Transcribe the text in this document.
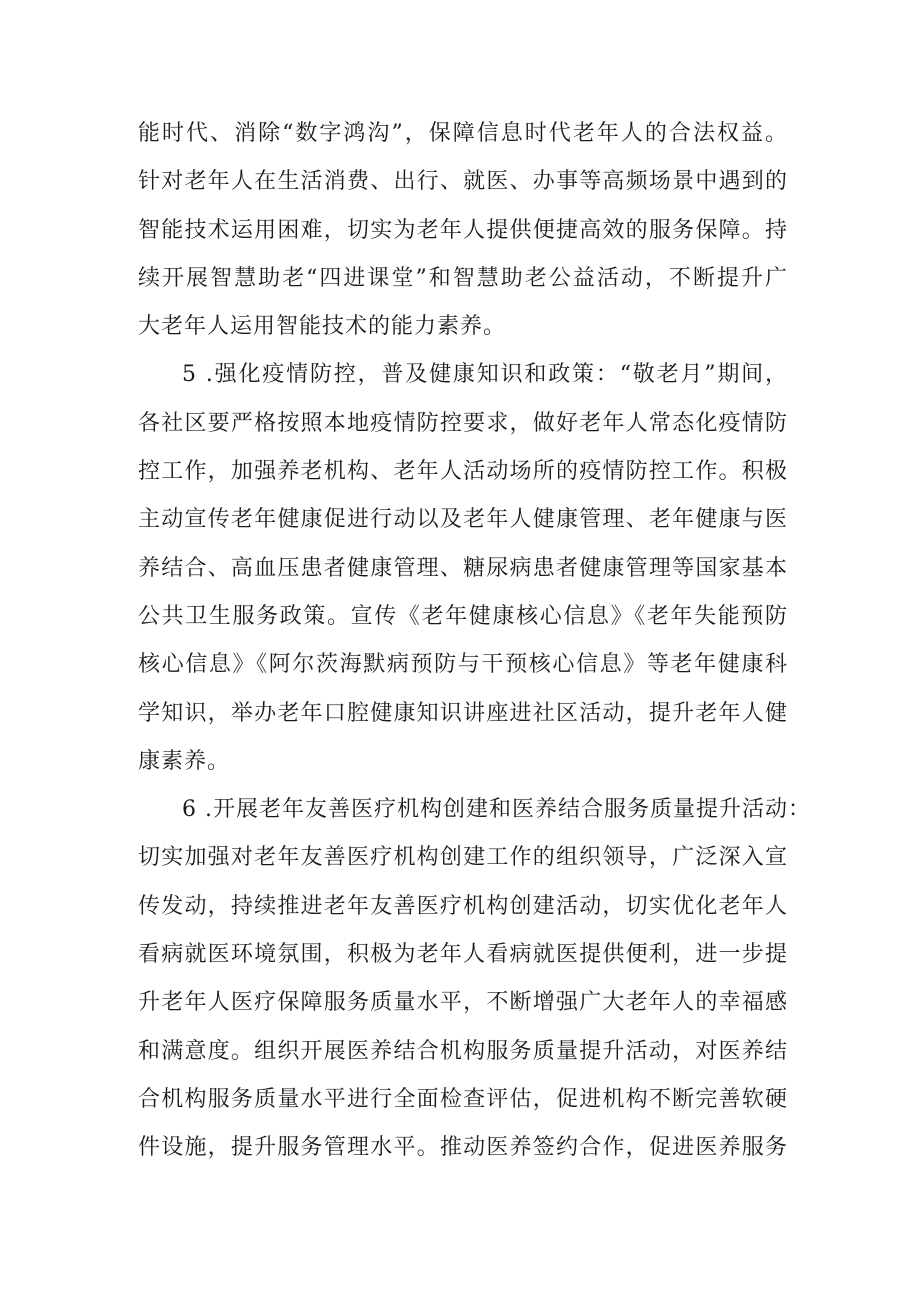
能时代、消除“数字鸿沟”，保障信息时代老年人的合法权益。
针对老年人在生活消费、出行、就医、办事等高频场景中遇到的
智能技术运用困难，切实为老年人提供便捷高效的服务保障。持
续开展智慧助老“四进课堂”和智慧助老公益活动，不断提升广
大老年人运用智能技术的能力素养。
5 .强化疫情防控，普及健康知识和政策：“敬老月”期间，
各社区要严格按照本地疫情防控要求，做好老年人常态化疫情防
控工作，加强养老机构、老年人活动场所的疫情防控工作。积极
主动宣传老年健康促进行动以及老年人健康管理、老年健康与医
养结合、高血压患者健康管理、糖尿病患者健康管理等国家基本
公共卫生服务政策。宣传《老年健康核心信息》《老年失能预防
核心信息》《阿尔茨海默病预防与干预核心信息》等老年健康科
学知识，举办老年口腔健康知识讲座进社区活动，提升老年人健
康素养。
6 .开展老年友善医疗机构创建和医养结合服务质量提升活动：
切实加强对老年友善医疗机构创建工作的组织领导，广泛深入宣
传发动，持续推进老年友善医疗机构创建活动，切实优化老年人
看病就医环境氛围，积极为老年人看病就医提供便利，进一步提
升老年人医疗保障服务质量水平，不断增强广大老年人的幸福感
和满意度。组织开展医养结合机构服务质量提升活动，对医养结
合机构服务质量水平进行全面检查评估，促进机构不断完善软硬
件设施，提升服务管理水平。推动医养签约合作，促进医养服务
